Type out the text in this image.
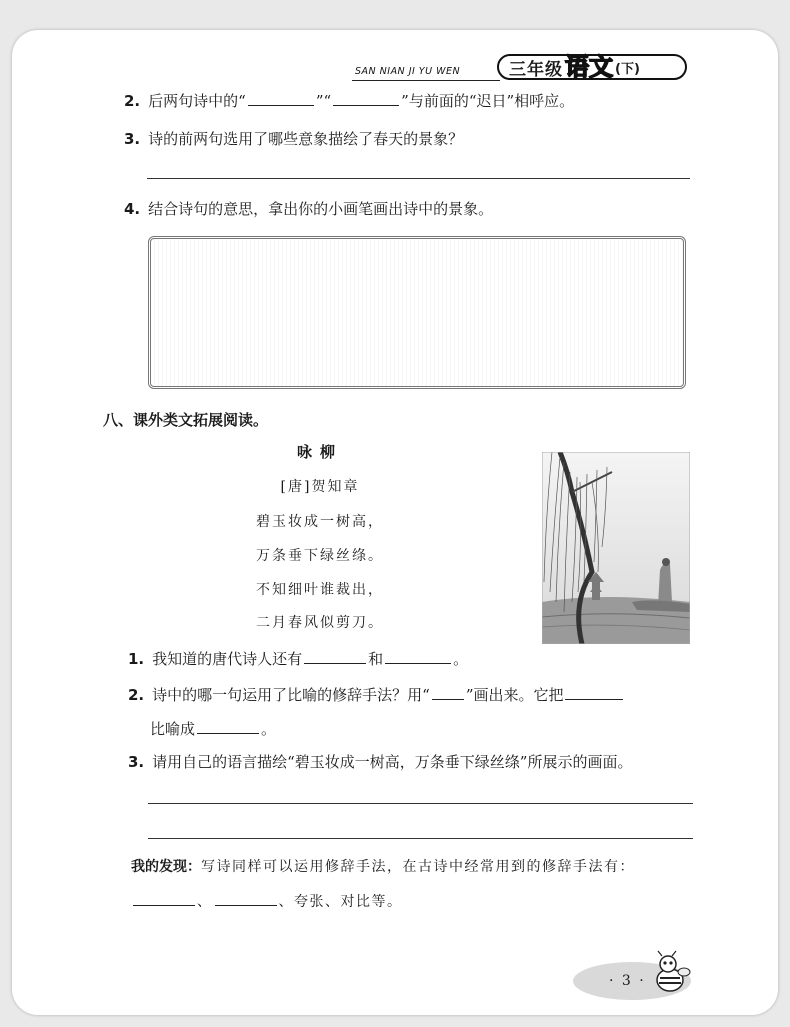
SAN NIAN JI YU WEN	三年级 语文 (下)
2. 后两句诗中的“	”“	”与前面的“迟日”相呼应。
3. 诗的前两句选用了哪些意象描绘了春天的景象？
4. 结合诗句的意思，拿出你的小画笔画出诗中的景象。
八、课外类文拓展阅读。
咏柳
[唐]贺知章
碧玉妆成一树高，
万条垂下绿丝绦。
不知细叶谁裁出，
二月春风似剪刀。
1. 我知道的唐代诗人还有	和	。
2. 诗中的哪一句运用了比喻的修辞手法？用“ ”画出来。它把
比喻成	。
3. 请用自己的语言描绘“碧玉妆成一树高，万条垂下绿丝绦”所展示的画面。
我的发现：写诗同样可以运用修辞手法，在古诗中经常用到的修辞手法有：
、	、夸张、对比等。
· 3 ·
